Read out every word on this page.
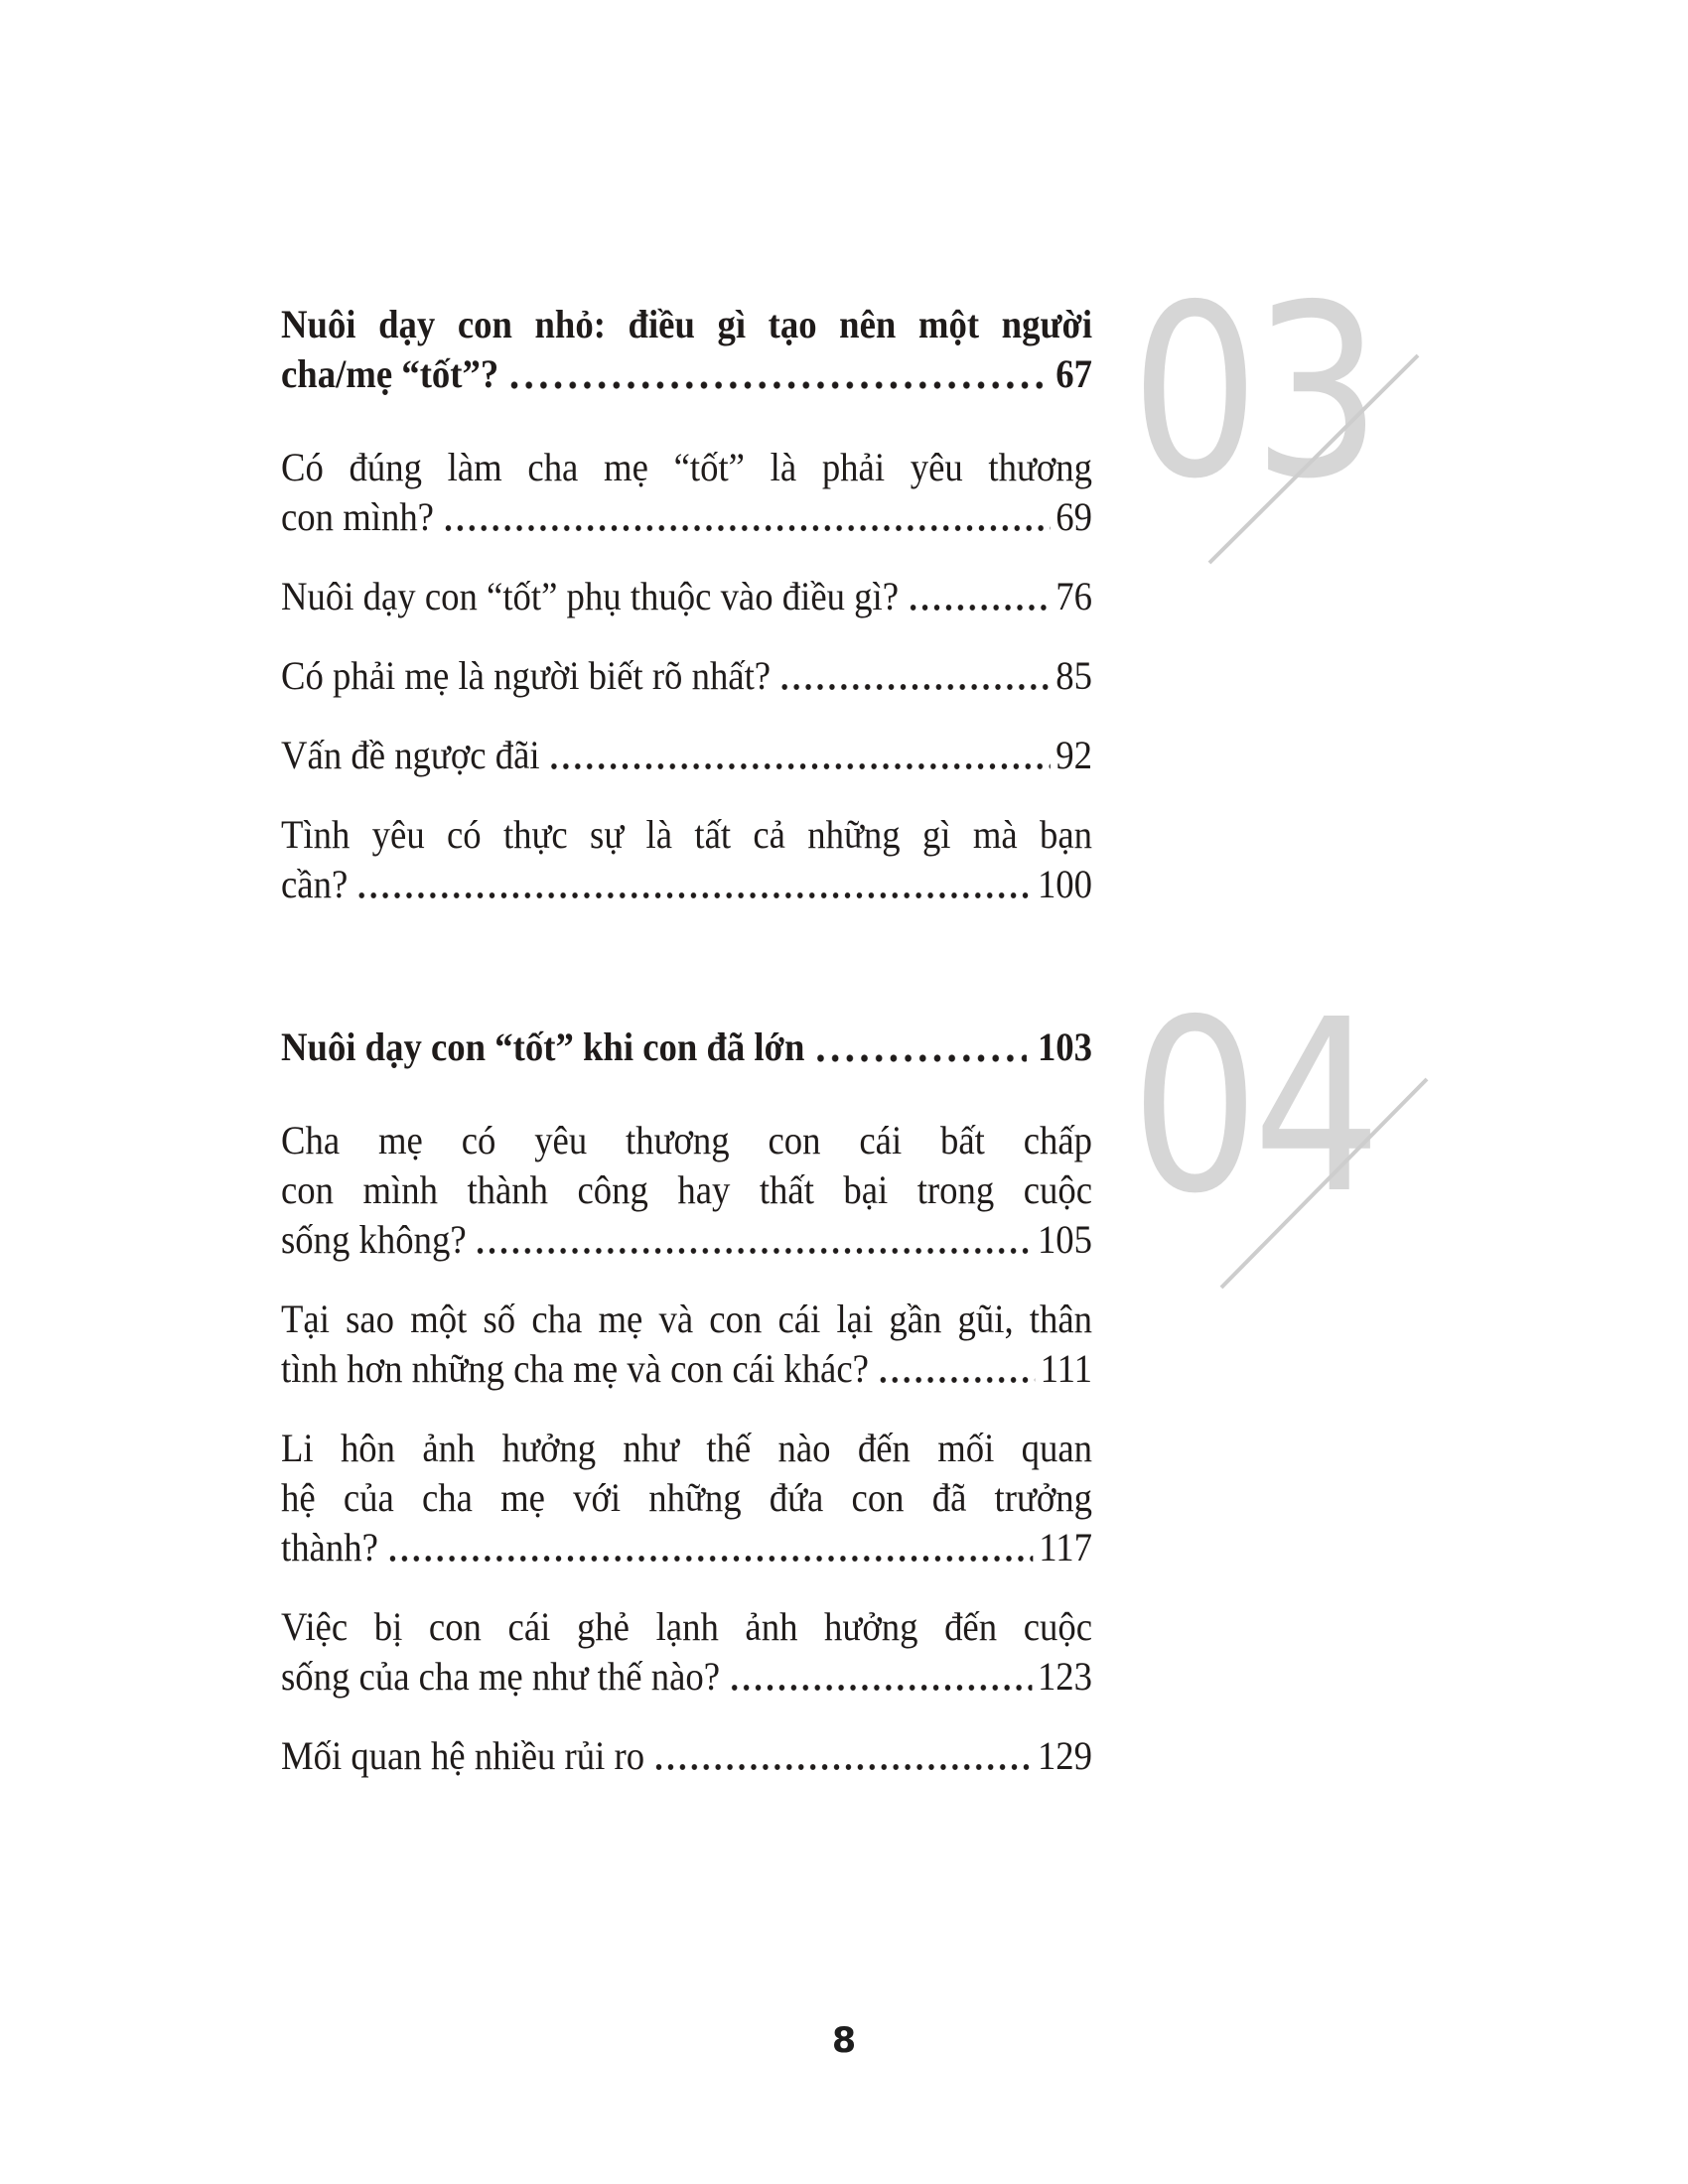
Nuôi dạy con nhỏ: điều gì tạo nên một người
cha/mẹ “tốt”?	67
Có đúng làm cha mẹ “tốt” là phải yêu thương
con mình?	69
Nuôi dạy con “tốt” phụ thuộc vào điều gì?	76
Có phải mẹ là người biết rõ nhất?	85
Vấn đề ngược đãi	92
Tình yêu có thực sự là tất cả những gì mà bạn
cần?	100
Nuôi dạy con “tốt” khi con đã lớn	103
Cha mẹ có yêu thương con cái bất chấp
con mình thành công hay thất bại trong cuộc
sống không?	105
Tại sao một số cha mẹ và con cái lại gần gũi, thân
tình hơn những cha mẹ và con cái khác?	111
Li hôn ảnh hưởng như thế nào đến mối quan
hệ của cha mẹ với những đứa con đã trưởng
thành?	117
Việc bị con cái ghẻ lạnh ảnh hưởng đến cuộc
sống của cha mẹ như thế nào?	123
Mối quan hệ nhiều rủi ro	129
03
04
8
